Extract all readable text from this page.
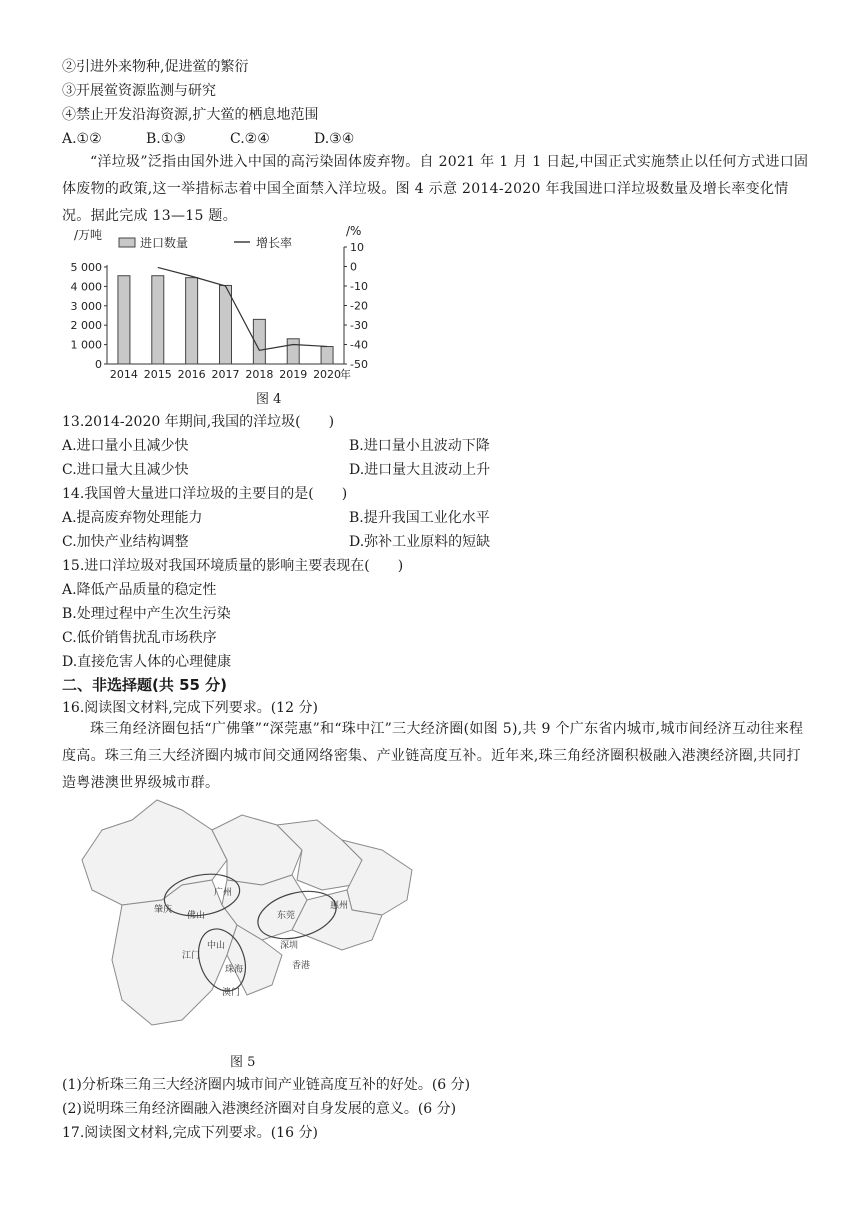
②引进外来物种,促进鲎的繁衍
③开展鲎资源监测与研究
④禁止开发沿海资源,扩大鲎的栖息地范围
A.①②	B.①③	C.②④	D.③④
“洋垃圾”泛指由国外进入中国的高污染固体废弃物。自 2021 年 1 月 1 日起,中国正式实施禁止以任何方式进口固体废物的政策,这一举措标志着中国全面禁入洋垃圾。图 4 示意 2014-2020 年我国进口洋垃圾数量及增长率变化情况。据此完成 13—15 题。
0
1 000
2 000
3 000
4 000
5 000
10
0
-10
-20
-30
-40
-50
/万吨	/%
2014 2015 2016 2017 2018 2019 2020
年
进口数量	增长率
图 4
13.2014-2020 年期间,我国的洋垃圾(　　)
A.进口量小且减少快	B.进口量小且波动下降
C.进口量大且减少快	D.进口量大且波动上升
14.我国曾大量进口洋垃圾的主要目的是(　　)
A.提高废弃物处理能力	B.提升我国工业化水平
C.加快产业结构调整	D.弥补工业原料的短缺
15.进口洋垃圾对我国环境质量的影响主要表现在(　　)
A.降低产品质量的稳定性
B.处理过程中产生次生污染
C.低价销售扰乱市场秩序
D.直接危害人体的心理健康
二、非选择题(共 55 分)
16.阅读图文材料,完成下列要求。(12 分)
珠三角经济圈包括“广佛肇”“深莞惠”和“珠中江”三大经济圈(如图 5),共 9 个广东省内城市,城市间经济互动往来程度高。珠三角三大经济圈内城市间交通网络密集、产业链高度互补。近年来,珠三角经济圈积极融入港澳经济圈,共同打造粤港澳世界级城市群。
肇庆
佛山
广州
东莞
惠州
深圳
江门
中山
珠海	香港
澳门
图 5
(1)分析珠三角三大经济圈内城市间产业链高度互补的好处。(6 分)
(2)说明珠三角经济圈融入港澳经济圈对自身发展的意义。(6 分)
17.阅读图文材料,完成下列要求。(16 分)
